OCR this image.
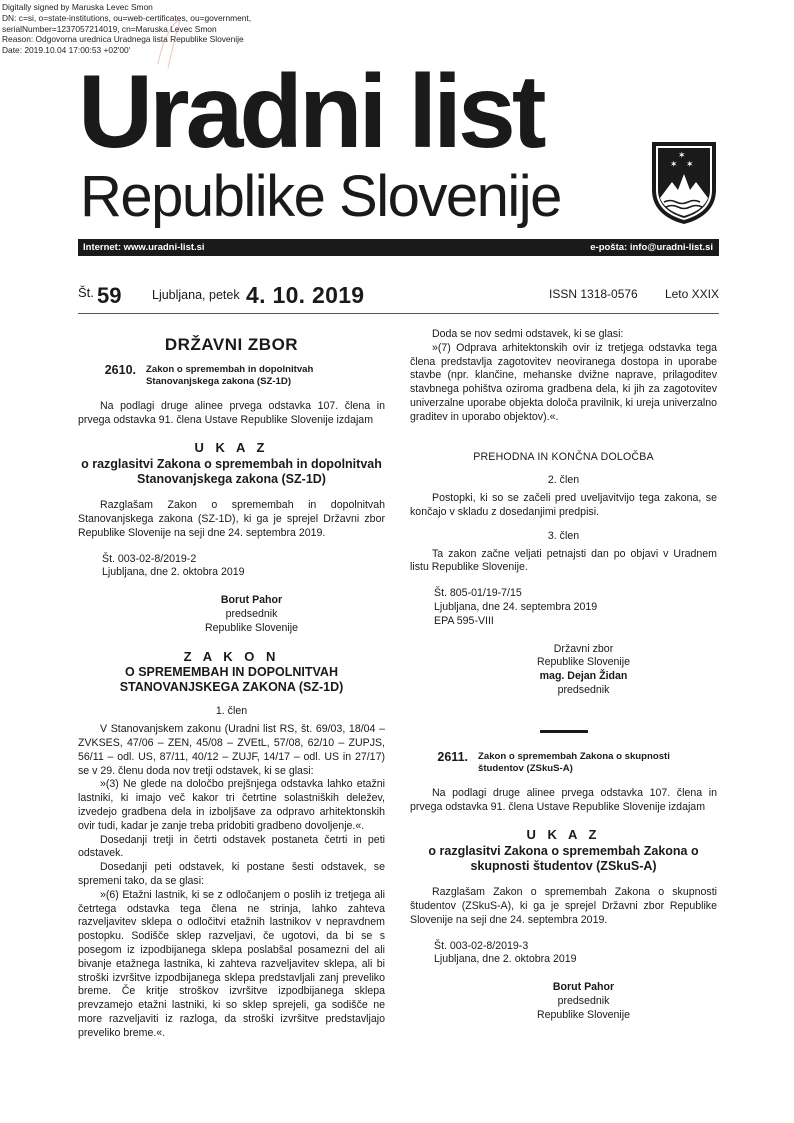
Digitally signed by Maruska Levec Smon
DN: c=si, o=state-institutions, ou=web-certificates, ou=government,
serialNumber=1237057214019, cn=Maruska Levec Smon
Reason: Odgovorna urednica Uradnega lista Republike Slovenije
Date: 2019.10.04 17:00:53 +02'00'
Uradni list
Republike Slovenije
✶
✶ ✶
Internet: www.uradni-list.si	e-pošta: info@uradni-list.si
Št. 59 Ljubljana, petek 4. 10. 2019	ISSN 1318-0576 Leto XXIX
DRŽAVNI ZBOR
2610.	Zakon o spremembah in dopolnitvah Stanovanjskega zakona (SZ-1D)

Na podlagi druge alinee prvega odstavka 107. člena in prvega odstavka 91. člena Ustave Republike Slovenije izdajam

U K A Z
o razglasitvi Zakona o spremembah in dopolnitvah Stanovanjskega zakona (SZ-1D)

Razglašam Zakon o spremembah in dopolnitvah Stanovanjskega zakona (SZ-1D), ki ga je sprejel Državni zbor Republike Slovenije na seji dne 24. septembra 2019.

Št. 003-02-8/2019-2
Ljubljana, dne 2. oktobra 2019
Borut Pahor
predsednik
Republike Slovenije
Z A K O N
O SPREMEMBAH IN DOPOLNITVAH STANOVANJSKEGA ZAKONA (SZ-1D)
1. člen

V Stanovanjskem zakonu (Uradni list RS, št. 69/03, 18/04 – ZVKSES, 47/06 – ZEN, 45/08 – ZVEtL, 57/08, 62/10 – ZUPJS, 56/11 – odl. US, 87/11, 40/12 – ZUJF, 14/17 – odl. US in 27/17) se v 29. členu doda nov tretji odstavek, ki se glasi:

»(3) Ne glede na določbo prejšnjega odstavka lahko etažni lastniki, ki imajo več kakor tri četrtine solastniških deležev, izvedejo gradbena dela in izboljšave za odpravo arhitektonskih ovir tudi, kadar je zanje treba pridobiti gradbeno dovoljenje.«.

Dosedanji tretji in četrti odstavek postaneta četrti in peti odstavek.

Dosedanji peti odstavek, ki postane šesti odstavek, se spremeni tako, da se glasi:

»(6) Etažni lastnik, ki se z odločanjem o poslih iz tretjega ali četrtega odstavka tega člena ne strinja, lahko zahteva razveljavitev sklepa o odločitvi etažnih lastnikov v nepravdnem postopku. Sodišče sklep razveljavi, če ugotovi, da bi se s posegom iz izpodbijanega sklepa poslabšal posamezni del ali bivanje etažnega lastnika, ki zahteva razveljavitev sklepa, ali bi stroški izvršitve izpodbijanega sklepa predstavljali zanj preveliko breme. Če kritje stroškov izvršitve izpodbijanega sklepa prevzamejo etažni lastniki, ki so sklep sprejeli, ga sodišče ne more razveljaviti iz razloga, da stroški izvršitve predstavljajo preveliko breme.«.

Doda se nov sedmi odstavek, ki se glasi:

»(7) Odprava arhitektonskih ovir iz tretjega odstavka tega člena predstavlja zagotovitev neoviranega dostopa in uporabe stavbe (npr. klančine, mehanske dvižne naprave, prilagoditev stavbnega pohištva oziroma gradbena dela, ki jih za zagotovitev univerzalne uporabe objekta določa pravilnik, ki ureja univerzalno graditev in uporabo objektov).«.

PREHODNA IN KONČNA DOLOČBA
2. člen

Postopki, ki so se začeli pred uveljavitvijo tega zakona, se končajo v skladu z dosedanjimi predpisi.

3. člen

Ta zakon začne veljati petnajsti dan po objavi v Uradnem listu Republike Slovenije.

Št. 805-01/19-7/15
Ljubljana, dne 24. septembra 2019
EPA 595-VIII
Državni zbor
Republike Slovenije
mag. Dejan Židan
predsednik
2611.	Zakon o spremembah Zakona o skupnosti študentov (ZSkuS-A)

Na podlagi druge alinee prvega odstavka 107. člena in prvega odstavka 91. člena Ustave Republike Slovenije izdajam

U K A Z
o razglasitvi Zakona o spremembah Zakona o skupnosti študentov (ZSkuS-A)

Razglašam Zakon o spremembah Zakona o skupnosti študentov (ZSkuS-A), ki ga je sprejel Državni zbor Republike Slovenije na seji dne 24. septembra 2019.

Št. 003-02-8/2019-3
Ljubljana, dne 2. oktobra 2019
Borut Pahor
predsednik
Republike Slovenije
